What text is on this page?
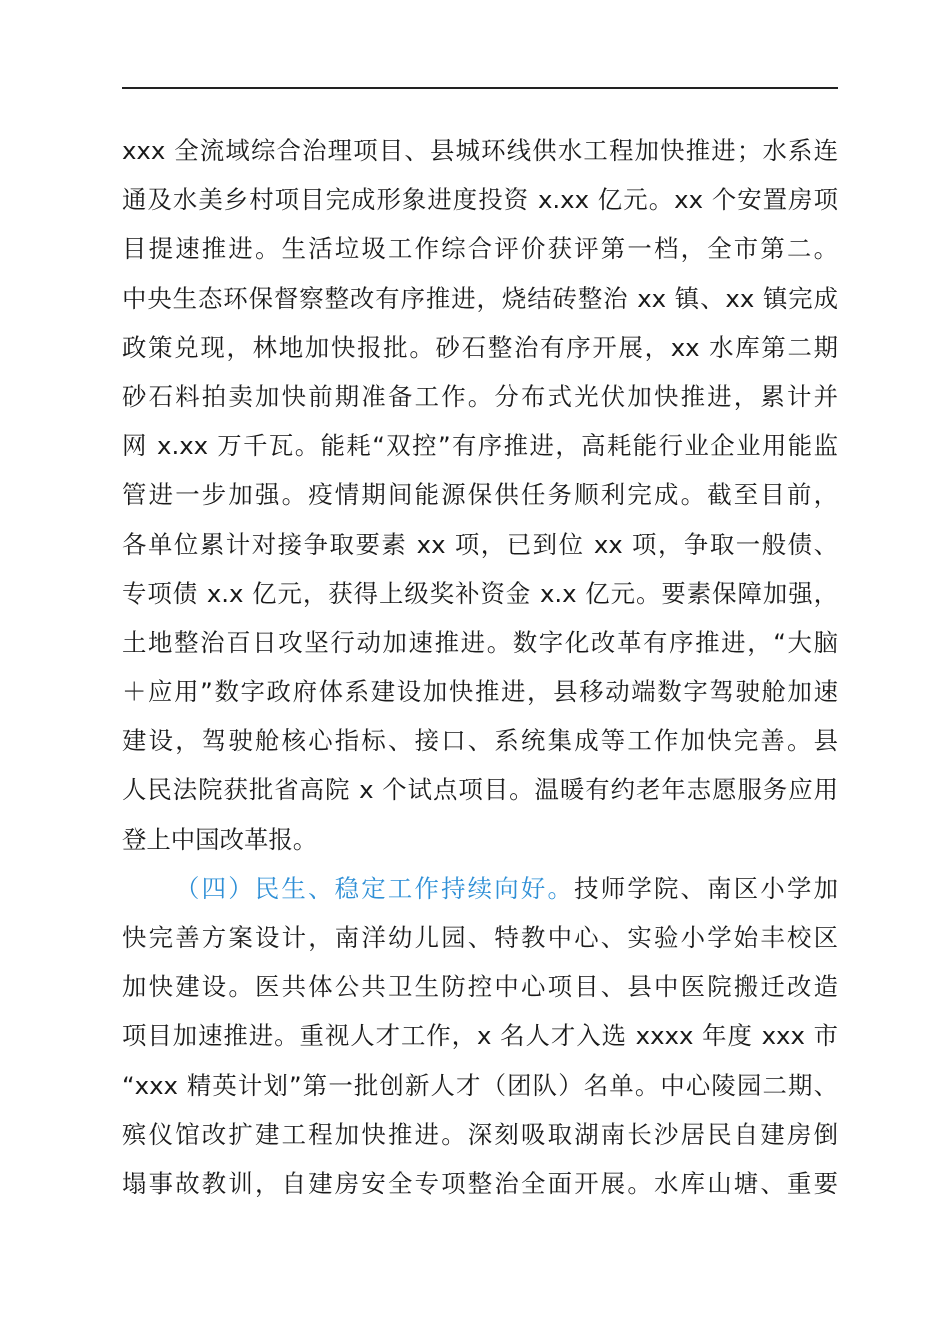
xxx 全流域综合治理项目、县城环线供水工程加快推进；水系连
通及水美乡村项目完成形象进度投资 x.xx 亿元。xx 个安置房项
目提速推进。生活垃圾工作综合评价获评第一档，全市第二。
中央生态环保督察整改有序推进，烧结砖整治 xx 镇、xx 镇完成
政策兑现，林地加快报批。砂石整治有序开展，xx 水库第二期
砂石料拍卖加快前期准备工作。分布式光伏加快推进，累计并
网 x.xx 万千瓦。能耗“双控”有序推进，高耗能行业企业用能监
管进一步加强。疫情期间能源保供任务顺利完成。截至目前，
各单位累计对接争取要素 xx 项，已到位 xx 项，争取一般债、
专项债 x.x 亿元，获得上级奖补资金 x.x 亿元。要素保障加强，
土地整治百日攻坚行动加速推进。数字化改革有序推进，“大脑
＋应用”数字政府体系建设加快推进，县移动端数字驾驶舱加速
建设，驾驶舱核心指标、接口、系统集成等工作加快完善。县
人民法院获批省高院 x 个试点项目。温暖有约老年志愿服务应用
登上中国改革报。
（四）民生、稳定工作持续向好。技师学院、南区小学加
快完善方案设计，南洋幼儿园、特教中心、实验小学始丰校区
加快建设。医共体公共卫生防控中心项目、县中医院搬迁改造
项目加速推进。重视人才工作，x 名人才入选 xxxx 年度 xxx 市
“xxx 精英计划”第一批创新人才（团队）名单。中心陵园二期、
殡仪馆改扩建工程加快推进。深刻吸取湖南长沙居民自建房倒
塌事故教训，自建房安全专项整治全面开展。水库山塘、重要
